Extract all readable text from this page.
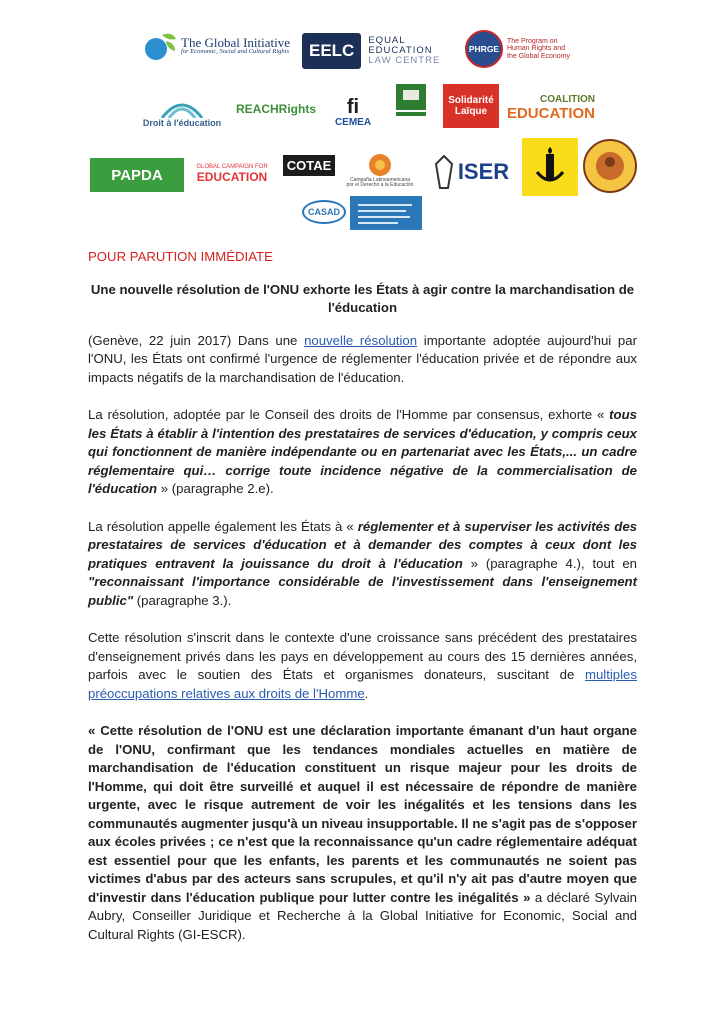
The Global Initiative
for Economic, Social and Cultural Rights	EELC
EQUAL
EDUCATION
LAW CENTRE
PHRGE
The Program on
Human Rights and
the Global Economy
Droit à l'éducation
REACHRights fi
CEMEA
Solidarité
Laïque
COALITION
EDUCATION
PAPDA	GLOBAL CAMPAIGN FOR
EDUCATION
COTAE
Campaña Latinoamericana
por el Derecho a la Educación
ISER
CASAD
POUR PARUTION IMMÉDIATE
Une nouvelle résolution de l'ONU exhorte les États à agir contre la marchandisation de l'éducation

(Genève, 22 juin 2017) Dans une nouvelle résolution importante adoptée aujourd'hui par l'ONU, les États ont confirmé l'urgence de réglementer l'éducation privée et de répondre aux impacts négatifs de la marchandisation de l'éducation.

La résolution, adoptée par le Conseil des droits de l'Homme par consensus, exhorte « tous les États à établir à l'intention des prestataires de services d'éducation, y compris ceux qui fonctionnent de manière indépendante ou en partenariat avec les États,... un cadre réglementaire qui… corrige toute incidence négative de la commercialisation de l'éducation » (paragraphe 2.e).

La résolution appelle également les États à « réglementer et à superviser les activités des prestataires de services d'éducation et à demander des comptes à ceux dont les pratiques entravent la jouissance du droit à l'éducation » (paragraphe 4.), tout en "reconnaissant l'importance considérable de l'investissement dans l'enseignement public" (paragraphe 3.).

Cette résolution s'inscrit dans le contexte d'une croissance sans précédent des prestataires d'enseignement privés dans les pays en développement au cours des 15 dernières années, parfois avec le soutien des États et organismes donateurs, suscitant de multiples préoccupations relatives aux droits de l'Homme.

« Cette résolution de l'ONU est une déclaration importante émanant d'un haut organe de l'ONU, confirmant que les tendances mondiales actuelles en matière de marchandisation de l'éducation constituent un risque majeur pour les droits de l'Homme, qui doit être surveillé et auquel il est nécessaire de répondre de manière urgente, avec le risque autrement de voir les inégalités et les tensions dans les communautés augmenter jusqu'à un niveau insupportable. Il ne s'agit pas de s'opposer aux écoles privées ; ce n'est que la reconnaissance qu'un cadre réglementaire adéquat est essentiel pour que les enfants, les parents et les communautés ne soient pas victimes d'abus par des acteurs sans scrupules, et qu'il n'y ait pas d'autre moyen que d'investir dans l'éducation publique pour lutter contre les inégalités » a déclaré Sylvain Aubry, Conseiller Juridique et Recherche à la Global Initiative for Economic, Social and Cultural Rights (GI-ESCR).
